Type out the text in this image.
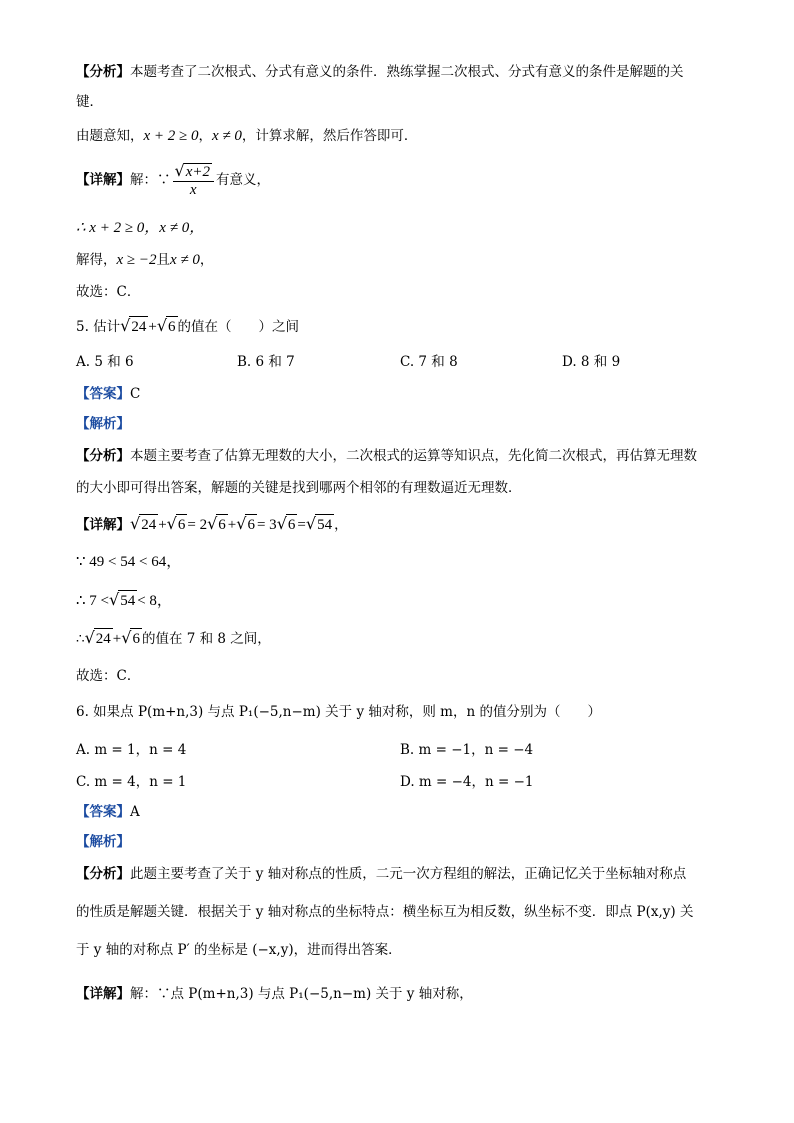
【分析】本题考查了二次根式、分式有意义的条件．熟练掌握二次根式、分式有意义的条件是解题的关
键．
由题意知，x + 2 ≥ 0，x ≠ 0，计算求解，然后作答即可．
【详解】解：∵ $\frac{√x+2}{x}$ 有意义，
∴ x + 2 ≥ 0，x ≠ 0，
解得，x ≥ −2且x ≠ 0，
故选：C．
5. 估计√24 +√6 的值在（　　）之间
A. 5 和 6	B. 6 和 7	C. 7 和 8	D. 8 和 9
【答案】C
【解析】
【分析】本题主要考查了估算无理数的大小，二次根式的运算等知识点，先化简二次根式，再估算无理数
的大小即可得出答案，解题的关键是找到哪两个相邻的有理数逼近无理数．
【详解】√24 +√6 = 2√6 +√6 = 3√6 =√54 ，
∵ 49 < 54 < 64，
∴ 7 <√54 < 8，
∴√24 +√6 的值在 7 和 8 之间，
故选：C．
6. 如果点 P(m+n,3) 与点 P₁(−5,n−m) 关于 y 轴对称，则 m，n 的值分别为（　　）
A. m = 1，n = 4	B. m = −1，n = −4
C. m = 4，n = 1	D. m = −4，n = −1
【答案】A
【解析】
【分析】此题主要考查了关于 y 轴对称点的性质，二元一次方程组的解法，正确记忆关于坐标轴对称点
的性质是解题关键．根据关于 y 轴对称点的坐标特点：横坐标互为相反数，纵坐标不变．即点 P(x,y) 关
于 y 轴的对称点 P′ 的坐标是 (−x,y)，进而得出答案．
【详解】解：∵点 P(m+n,3) 与点 P₁(−5,n−m) 关于 y 轴对称，
